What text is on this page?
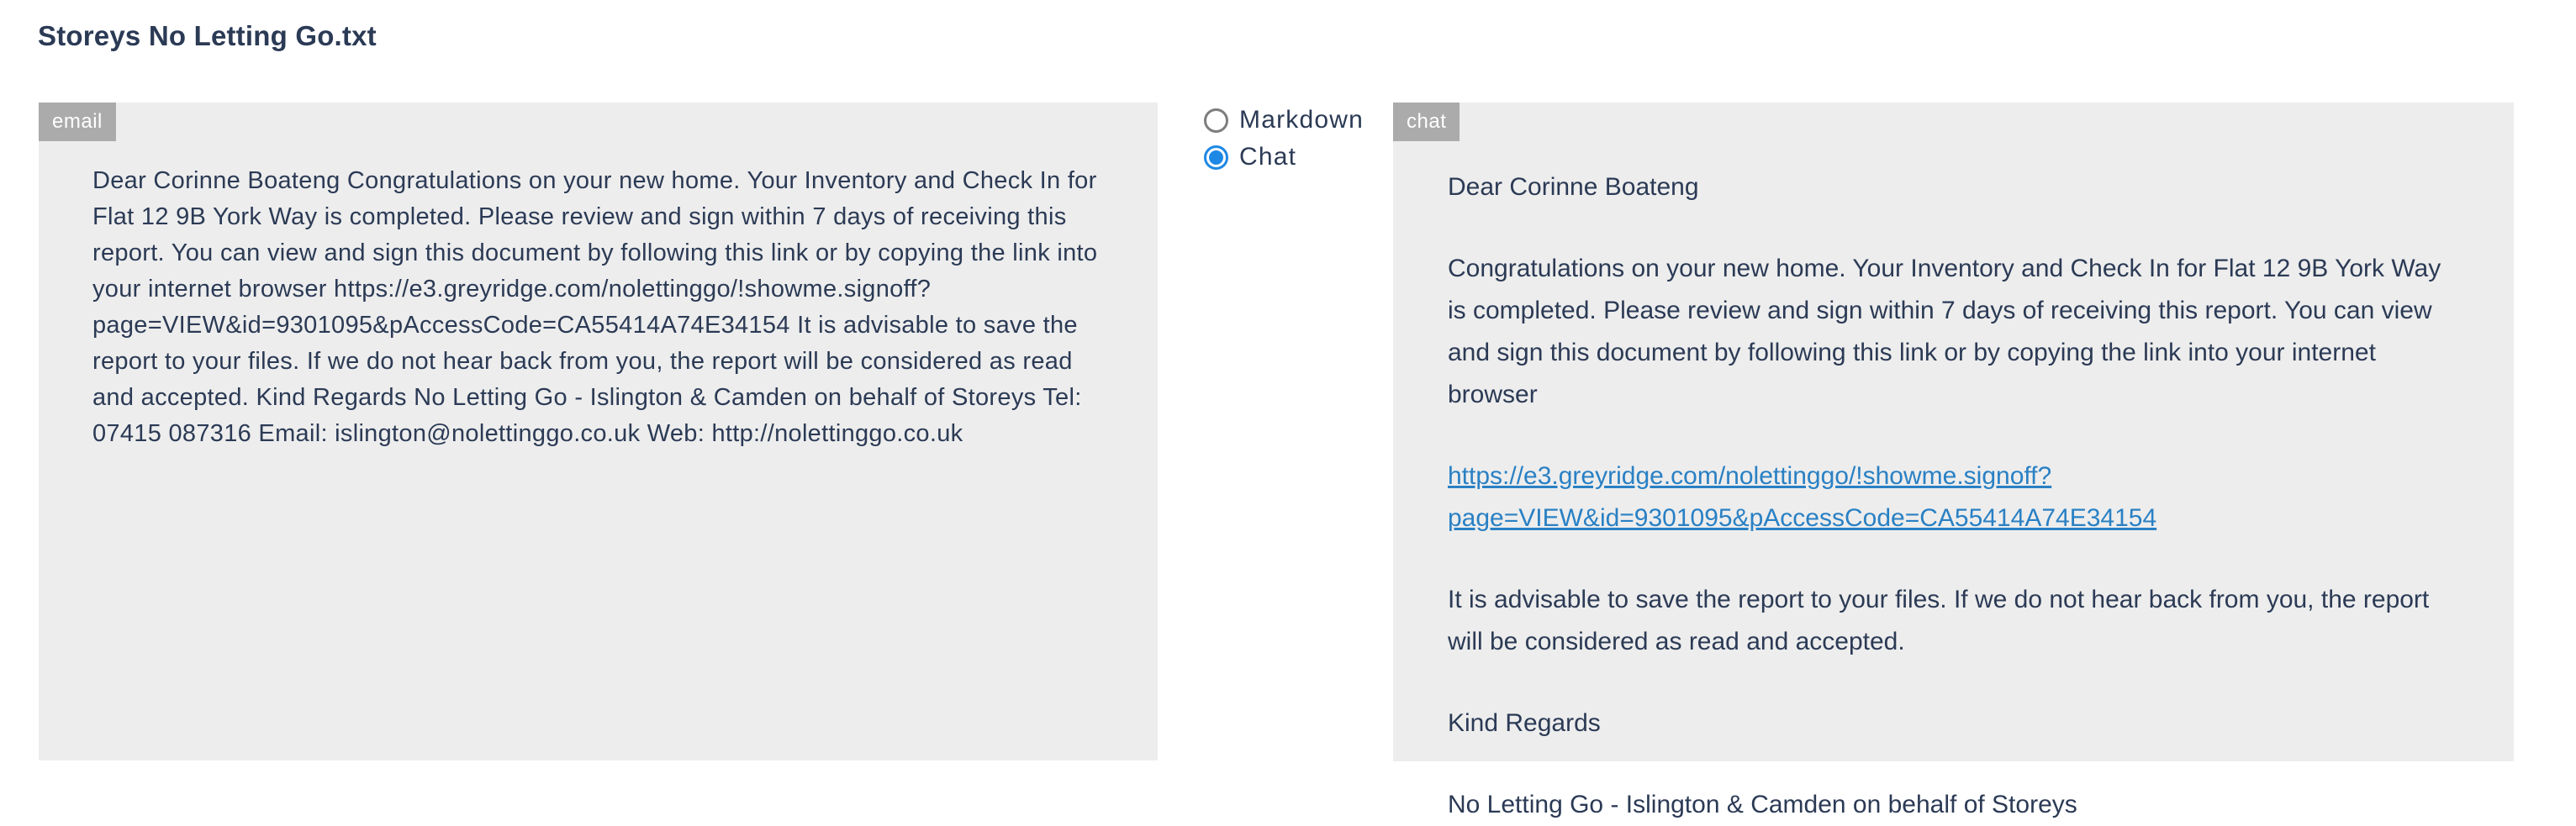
Storeys No Letting Go.txt
email
Dear Corinne Boateng Congratulations on your new home. Your Inventory and Check In for Flat 12 9B York Way is completed. Please review and sign within 7 days of receiving this report. You can view and sign this document by following this link or by copying the link into your internet browser https://e3.greyridge.com/nolettinggo/!showme.signoff?page=VIEW&id=9301095&pAccessCode=CA55414A74E34154 It is advisable to save the report to your files. If we do not hear back from you, the report will be considered as read and accepted. Kind Regards No Letting Go - Islington & Camden on behalf of Storeys Tel: 07415 087316 Email: islington@nolettinggo.co.uk Web: http://nolettinggo.co.uk
Markdown
Chat
chat

Dear Corinne Boateng

Congratulations on your new home. Your Inventory and Check In for Flat 12 9B York Way is completed. Please review and sign within 7 days of receiving this report. You can view and sign this document by following this link or by copying the link into your internet browser

https://e3.greyridge.com/nolettinggo/!showme.signoff?page=VIEW&id=9301095&pAccessCode=CA55414A74E34154

It is advisable to save the report to your files. If we do not hear back from you, the report will be considered as read and accepted.

Kind Regards

No Letting Go - Islington & Camden on behalf of Storeys
